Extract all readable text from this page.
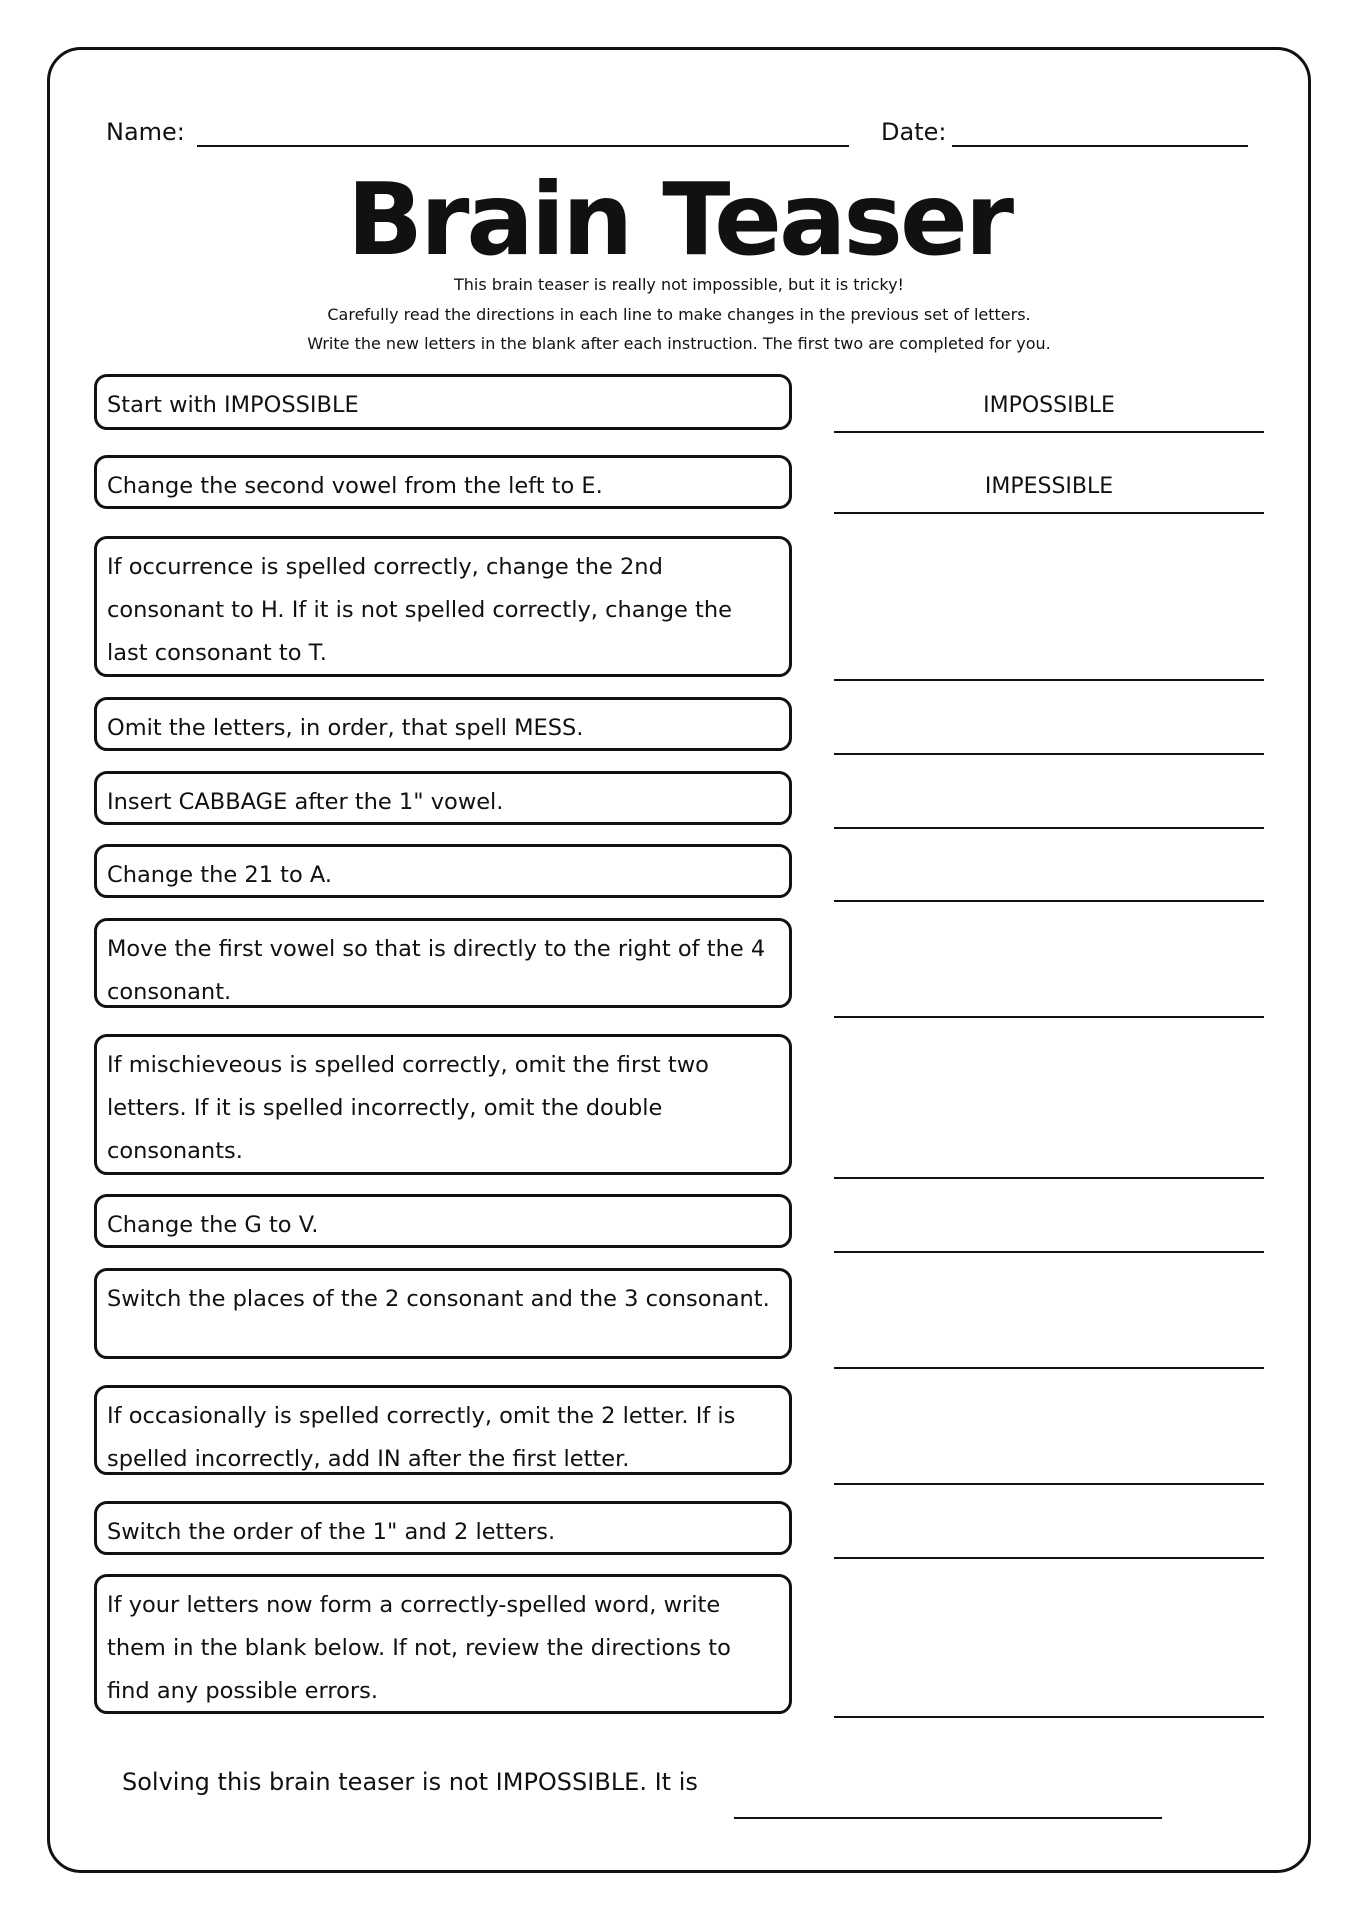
Name:	Date:
Brain Teaser
This brain teaser is really not impossible, but it is tricky!
Carefully read the directions in each line to make changes in the previous set of letters.
Write the new letters in the blank after each instruction. The first two are completed for you.
Start with IMPOSSIBLE	IMPOSSIBLE
Change the second vowel from the left to E.	IMPESSIBLE
If occurrence is spelled correctly, change the 2nd consonant to H. If it is not spelled correctly, change the last consonant to T.
Omit the letters, in order, that spell MESS.
Insert CABBAGE after the 1" vowel.
Change the 21 to A.
Move the first vowel so that is directly to the right of the 4 consonant.
If mischieveous is spelled correctly, omit the first two letters. If it is spelled incorrectly, omit the double consonants.
Change the G to V.
Switch the places of the 2 consonant and the 3 consonant.
If occasionally is spelled correctly, omit the 2 letter. If is spelled incorrectly, add IN after the first letter.
Switch the order of the 1" and 2 letters.
If your letters now form a correctly-spelled word, write them in the blank below. If not, review the directions to find any possible errors.
Solving this brain teaser is not IMPOSSIBLE. It is
